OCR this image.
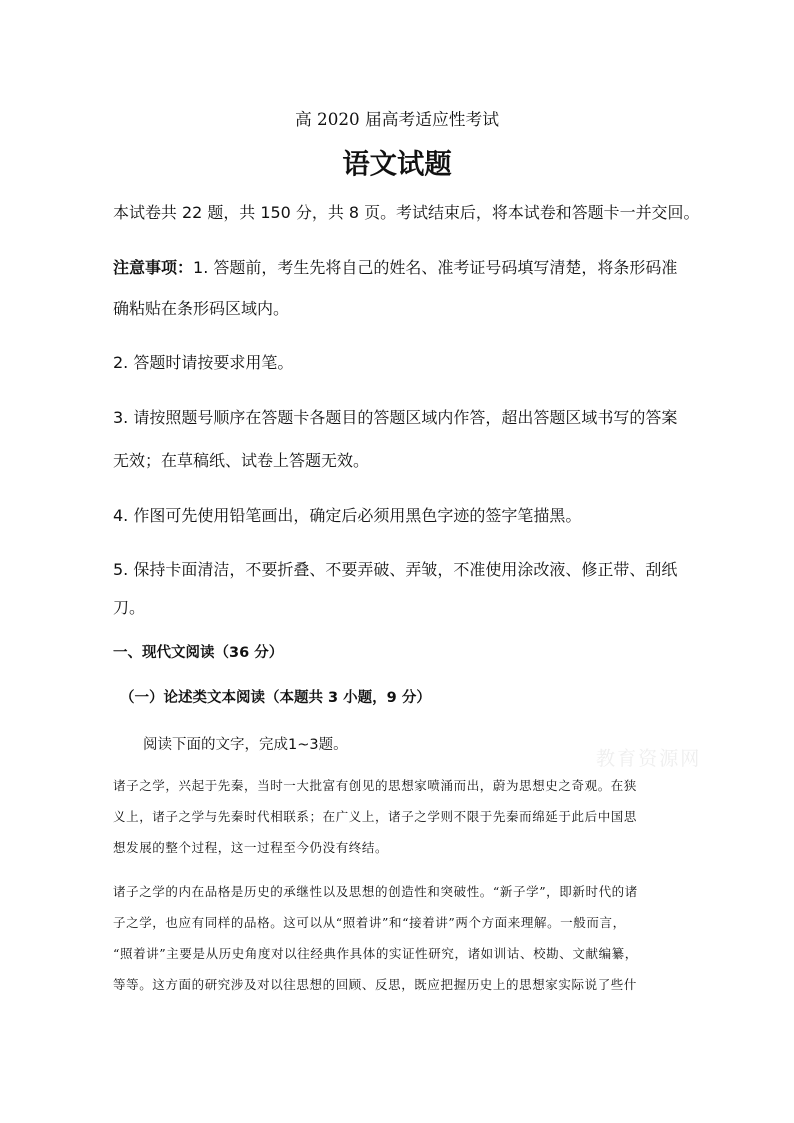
高 2020 届高考适应性考试
语文试题
本试卷共 22 题，共 150 分，共 8 页。考试结束后，将本试卷和答题卡一并交回。
注意事项：1. 答题前，考生先将自己的姓名、准考证号码填写清楚，将条形码准
确粘贴在条形码区域内。
2. 答题时请按要求用笔。
3. 请按照题号顺序在答题卡各题目的答题区域内作答，超出答题区域书写的答案
无效；在草稿纸、试卷上答题无效。
4. 作图可先使用铅笔画出，确定后必须用黑色字迹的签字笔描黑。
5. 保持卡面清洁，不要折叠、不要弄破、弄皱，不准使用涂改液、修正带、刮纸
刀。
一、现代文阅读（36 分）
（一）论述类文本阅读（本题共 3 小题，9 分）
阅读下面的文字，完成1~3题。
教育资源网
诸子之学，兴起于先秦，当时一大批富有创见的思想家喷涌而出，蔚为思想史之奇观。在狭
义上，诸子之学与先秦时代相联系；在广义上，诸子之学则不限于先秦而绵延于此后中国思
想发展的整个过程，这一过程至今仍没有终结。
诸子之学的内在品格是历史的承继性以及思想的创造性和突破性。“新子学”，即新时代的诸
子之学，也应有同样的品格。这可以从“照着讲”和“接着讲”两个方面来理解。一般而言，
“照着讲”主要是从历史角度对以往经典作具体的实证性研究，诸如训诂、校勘、文献编纂，
等等。这方面的研究涉及对以往思想的回顾、反思，既应把握历史上的思想家实际说了些什
